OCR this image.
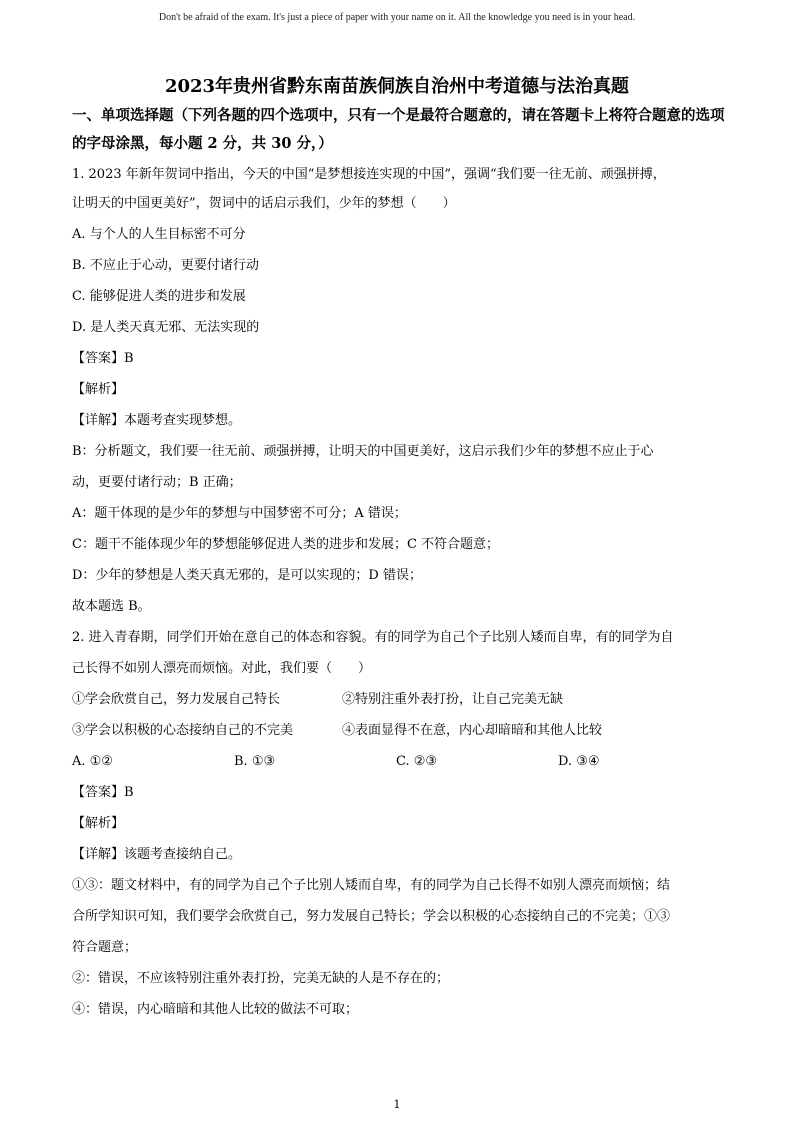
Don't be afraid of the exam. It's just a piece of paper with your name on it. All the knowledge you need is in your head.
2023年贵州省黔东南苗族侗族自治州中考道德与法治真题
一、单项选择题（下列各题的四个选项中，只有一个是最符合题意的，请在答题卡上将符合题意的选项的字母涂黑，每小题 2 分，共 30 分，）

1. 2023 年新年贺词中指出，今天的中国“是梦想接连实现的中国”，强调“我们要一往无前、顽强拼搏，

让明天的中国更美好”，贺词中的话启示我们，少年的梦想（　　）

A. 与个人的人生目标密不可分

B. 不应止于心动，更要付诸行动

C. 能够促进人类的进步和发展

D. 是人类天真无邪、无法实现的

【答案】B

【解析】

【详解】本题考查实现梦想。

B：分析题文，我们要一往无前、顽强拼搏，让明天的中国更美好，这启示我们少年的梦想不应止于心

动，更要付诸行动；B 正确；

A：题干体现的是少年的梦想与中国梦密不可分；A 错误；

C：题干不能体现少年的梦想能够促进人类的进步和发展；C 不符合题意；

D：少年的梦想是人类天真无邪的，是可以实现的；D 错误；

故本题选 B。

2. 进入青春期，同学们开始在意自己的体态和容貌。有的同学为自己个子比别人矮而自卑，有的同学为自

己长得不如别人漂亮而烦恼。对此，我们要（　　）

①学会欣赏自己，努力发展自己特长	②特别注重外表打扮，让自己完美无缺
③学会以积极的心态接纳自己的不完美	④表面显得不在意，内心却暗暗和其他人比较
A. ①②	B. ①③	C. ②③	D. ③④

【答案】B

【解析】

【详解】该题考查接纳自己。

①③：题文材料中，有的同学为自己个子比别人矮而自卑，有的同学为自己长得不如别人漂亮而烦恼；结

合所学知识可知，我们要学会欣赏自己，努力发展自己特长；学会以积极的心态接纳自己的不完美；①③

符合题意；

②：错误，不应该特别注重外表打扮，完美无缺的人是不存在的；

④：错误，内心暗暗和其他人比较的做法不可取；

1
